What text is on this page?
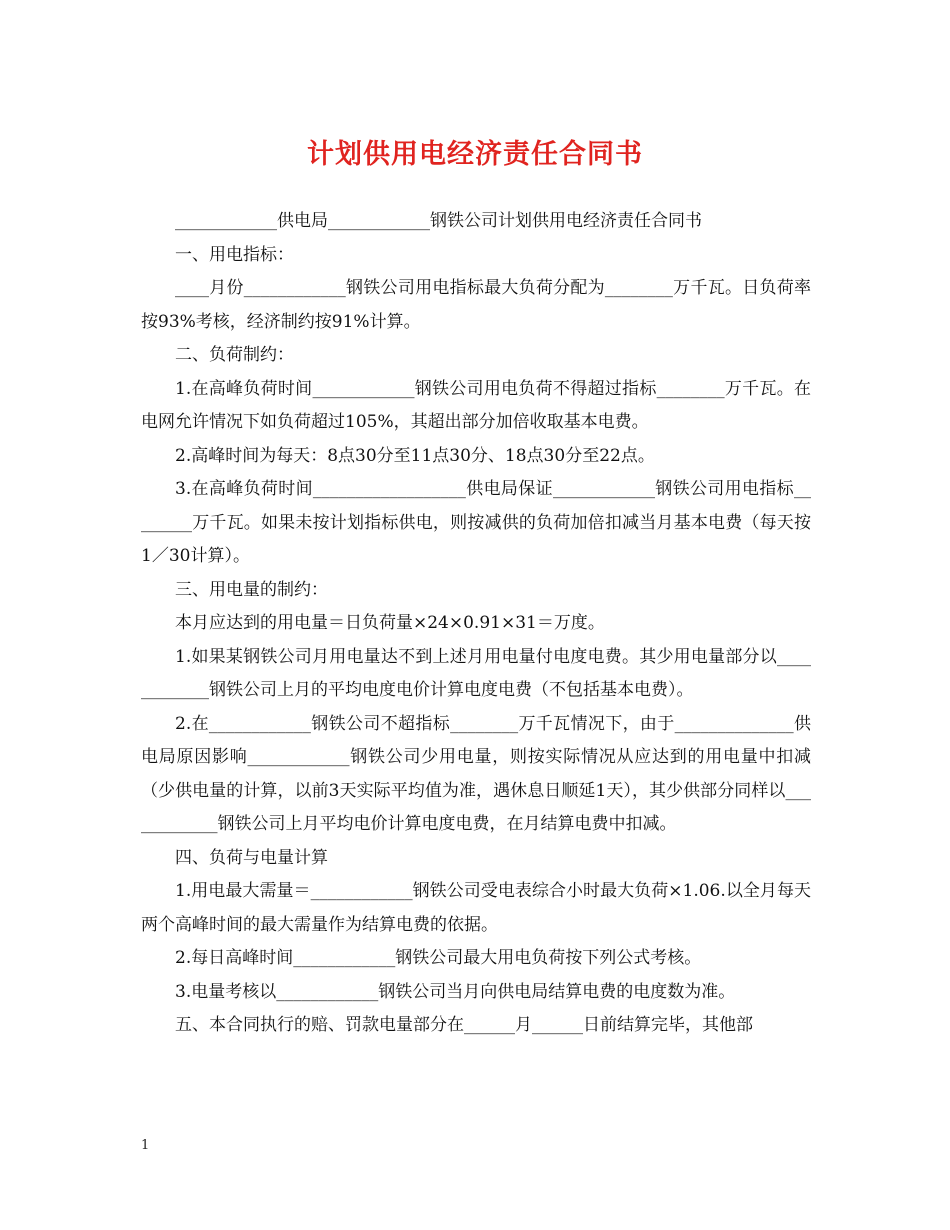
计划供用电经济责任合同书

____________供电局____________钢铁公司计划供用电经济责任合同书

一、用电指标：

____月份____________钢铁公司用电指标最大负荷分配为________万千瓦。日负荷率按93%考核，经济制约按91%计算。

二、负荷制约：

1.在高峰负荷时间____________钢铁公司用电负荷不得超过指标________万千瓦。在电网允许情况下如负荷超过105%，其超出部分加倍收取基本电费。

2.高峰时间为每天：8点30分至11点30分、18点30分至22点。

3.在高峰负荷时间__________________供电局保证____________钢铁公司用电指标________万千瓦。如果未按计划指标供电，则按减供的负荷加倍扣减当月基本电费（每天按1／30计算）。

三、用电量的制约：

本月应达到的用电量＝日负荷量×24×0.91×31＝万度。

1.如果某钢铁公司月用电量达不到上述月用电量付电度电费。其少用电量部分以____________钢铁公司上月的平均电度电价计算电度电费（不包括基本电费）。

2.在____________钢铁公司不超指标________万千瓦情况下，由于______________供电局原因影响____________钢铁公司少用电量，则按实际情况从应达到的用电量中扣减（少供电量的计算，以前3天实际平均值为准，遇休息日顺延1天），其少供部分同样以____________钢铁公司上月平均电价计算电度电费，在月结算电费中扣减。

四、负荷与电量计算

1.用电最大需量＝____________钢铁公司受电表综合小时最大负荷×1.06.以全月每天两个高峰时间的最大需量作为结算电费的依据。

2.每日高峰时间____________钢铁公司最大用电负荷按下列公式考核。

3.电量考核以____________钢铁公司当月向供电局结算电费的电度数为准。

五、本合同执行的赔、罚款电量部分在______月______日前结算完毕，其他部

1
